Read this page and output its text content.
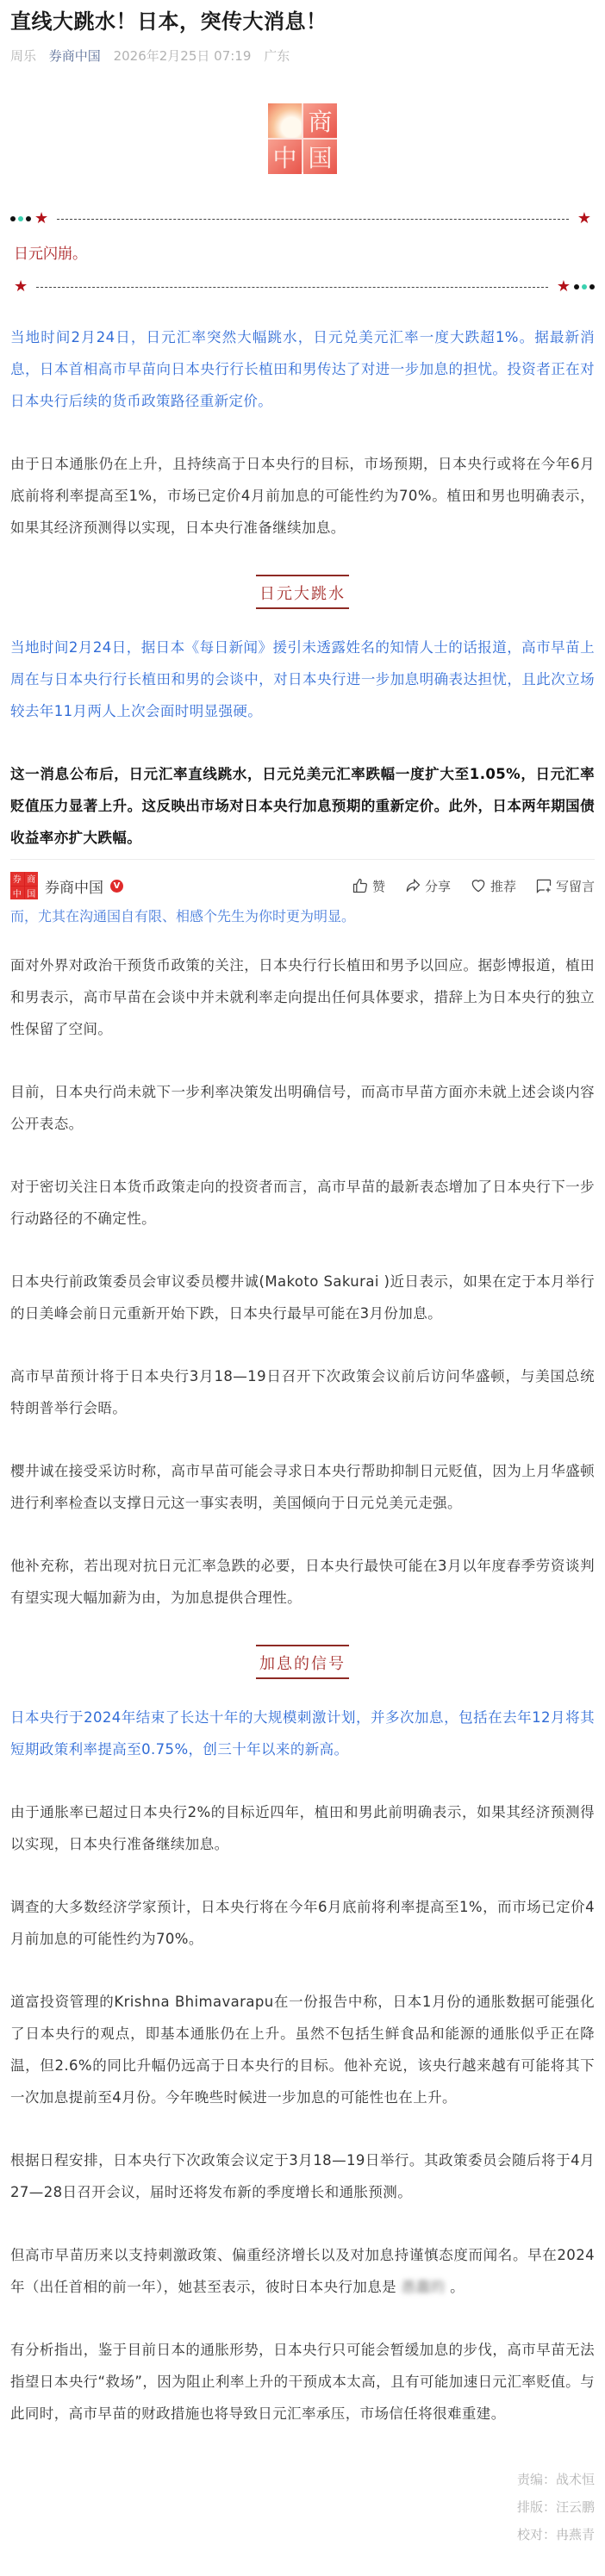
直线大跳水！日本，突传大消息！
周乐 券商中国 2026年2月25日 07:19 广东
商
中 国
★	★
日元闪崩。
★	★

当地时间2月24日，日元汇率突然大幅跳水，日元兑美元汇率一度大跌超1%。据最新消息，日本首相高市早苗向日本央行行长植田和男传达了对进一步加息的担忧。投资者正在对日本央行后续的货币政策路径重新定价。

由于日本通胀仍在上升，且持续高于日本央行的目标，市场预期，日本央行或将在今年6月底前将利率提高至1%，市场已定价4月前加息的可能性约为70%。植田和男也明确表示，如果其经济预测得以实现，日本央行准备继续加息。

日元大跳水

当地时间2月24日，据日本《每日新闻》援引未透露姓名的知情人士的话报道，高市早苗上周在与日本央行行长植田和男的会谈中，对日本央行进一步加息明确表达担忧，且此次立场较去年11月两人上次会面时明显强硬。

这一消息公布后，日元汇率直线跳水，日元兑美元汇率跌幅一度扩大至1.05%，日元汇率贬值压力显著上升。这反映出市场对日本央行加息预期的重新定价。此外，日本两年期国债收益率亦扩大跌幅。

券 商
中 国 券商中国	V	赞	分享	推荐	写留言
而，尤其在沟通国自有限、相感个先生为你时更为明显。

面对外界对政治干预货币政策的关注，日本央行行长植田和男予以回应。据彭博报道，植田和男表示，高市早苗在会谈中并未就利率走向提出任何具体要求，措辞上为日本央行的独立性保留了空间。

目前，日本央行尚未就下一步利率决策发出明确信号，而高市早苗方面亦未就上述会谈内容公开表态。

对于密切关注日本货币政策走向的投资者而言，高市早苗的最新表态增加了日本央行下一步行动路径的不确定性。

日本央行前政策委员会审议委员樱井诚(Makoto Sakurai )近日表示，如果在定于本月举行的日美峰会前日元重新开始下跌，日本央行最早可能在3月份加息。

高市早苗预计将于日本央行3月18—19日召开下次政策会议前后访问华盛顿，与美国总统特朗普举行会晤。

樱井诚在接受采访时称，高市早苗可能会寻求日本央行帮助抑制日元贬值，因为上月华盛顿进行利率检查以支撑日元这一事实表明，美国倾向于日元兑美元走强。

他补充称，若出现对抗日元汇率急跌的必要，日本央行最快可能在3月以年度春季劳资谈判有望实现大幅加薪为由，为加息提供合理性。

加息的信号

日本央行于2024年结束了长达十年的大规模刺激计划，并多次加息，包括在去年12月将其短期政策利率提高至0.75%，创三十年以来的新高。

由于通胀率已超过日本央行2%的目标近四年，植田和男此前明确表示，如果其经济预测得以实现，日本央行准备继续加息。

调查的大多数经济学家预计，日本央行将在今年6月底前将利率提高至1%，而市场已定价4月前加息的可能性约为70%。

道富投资管理的Krishna Bhimavarapu在一份报告中称，日本1月份的通胀数据可能强化了日本央行的观点，即基本通胀仍在上升。虽然不包括生鲜食品和能源的通胀似乎正在降温，但2.6%的同比升幅仍远高于日本央行的目标。他补充说，该央行越来越有可能将其下一次加息提前至4月份。今年晚些时候进一步加息的可能性也在上升。

根据日程安排，日本央行下次政策会议定于3月18—19日举行。其政策委员会随后将于4月27—28日召开会议，届时还将发布新的季度增长和通胀预测。

但高市早苗历来以支持刺激政策、偏重经济增长以及对加息持谨慎态度而闻名。早在2024年（出任首相的前一年），她甚至表示，彼时日本央行加息是 愚蠢的 。

有分析指出，鉴于目前日本的通胀形势，日本央行只可能会暂缓加息的步伐，高市早苗无法指望日本央行“救场”，因为阻止利率上升的干预成本太高，且有可能加速日元汇率贬值。与此同时，高市早苗的财政措施也将导致日元汇率承压，市场信任将很难重建。

责编：战术恒
排版：汪云鹏
校对：冉燕青
